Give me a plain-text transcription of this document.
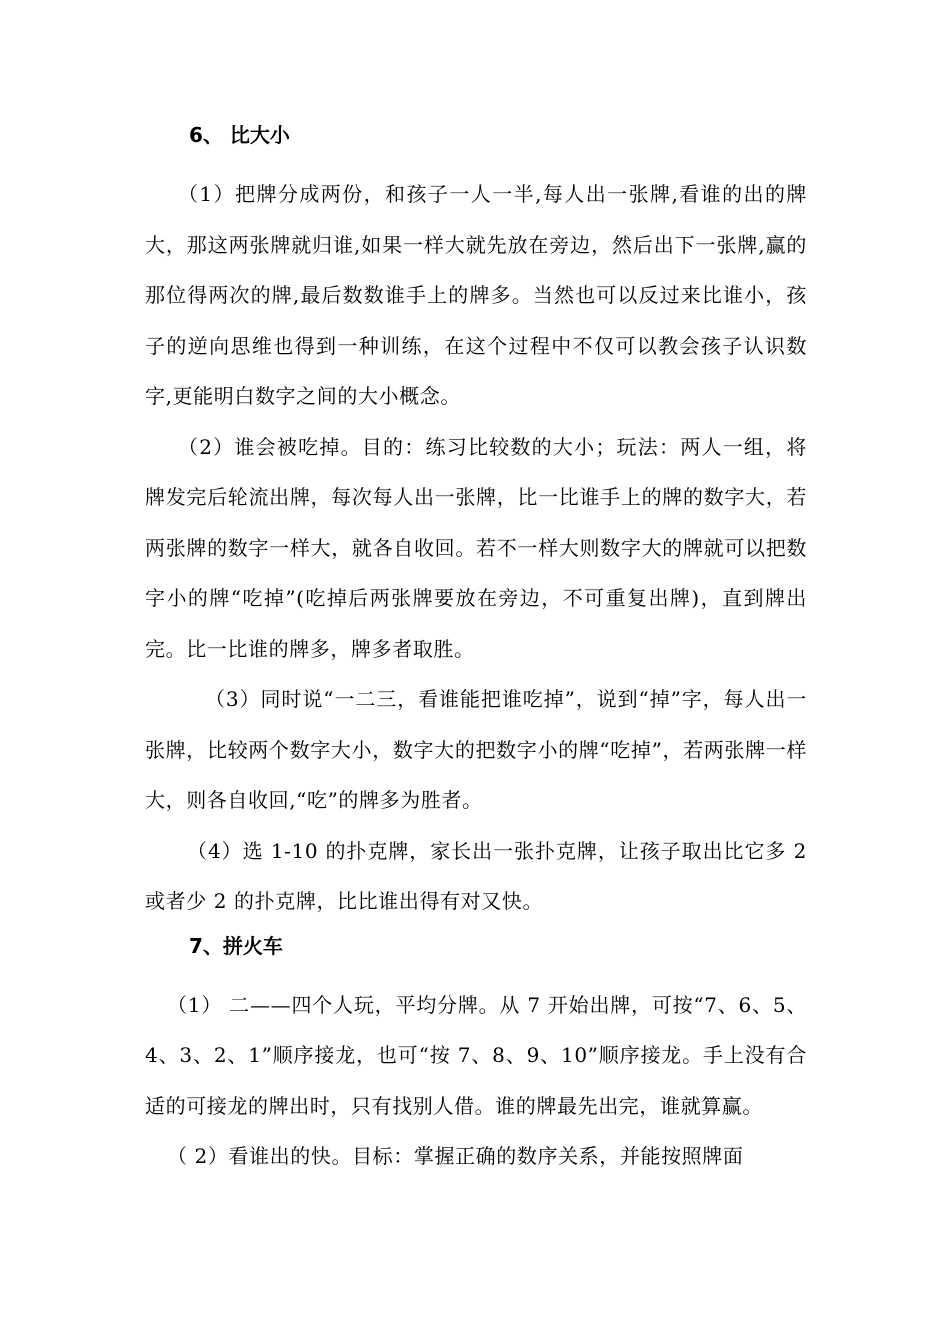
6、 比大小

（1）把牌分成两份，和孩子一人一半,每人出一张牌,看谁的出的牌大，那这两张牌就归谁,如果一样大就先放在旁边，然后出下一张牌,赢的那位得两次的牌,最后数数谁手上的牌多。当然也可以反过来比谁小，孩子的逆向思维也得到一种训练，在这个过程中不仅可以教会孩子认识数字,更能明白数字之间的大小概念。

（2）谁会被吃掉。目的：练习比较数的大小；玩法：两人一组，将牌发完后轮流出牌，每次每人出一张牌，比一比谁手上的牌的数字大，若两张牌的数字一样大，就各自收回。若不一样大则数字大的牌就可以把数字小的牌“吃掉”(吃掉后两张牌要放在旁边，不可重复出牌)，直到牌出完。比一比谁的牌多，牌多者取胜。

（3）同时说“一二三，看谁能把谁吃掉”，说到“掉”字，每人出一张牌，比较两个数字大小，数字大的把数字小的牌“吃掉”，若两张牌一样大，则各自收回,“吃”的牌多为胜者。

（4）选 1-10 的扑克牌，家长出一张扑克牌，让孩子取出比它多 2 或者少 2 的扑克牌，比比谁出得有对又快。

7、拼火车

（1） 二——四个人玩，平均分牌。从 7 开始出牌，可按“7、6、5、4、3、2、1”顺序接龙，也可“按 7、8、9、10”顺序接龙。手上没有合适的可接龙的牌出时，只有找别人借。谁的牌最先出完，谁就算赢。

（ 2）看谁出的快。目标：掌握正确的数序关系，并能按照牌面
